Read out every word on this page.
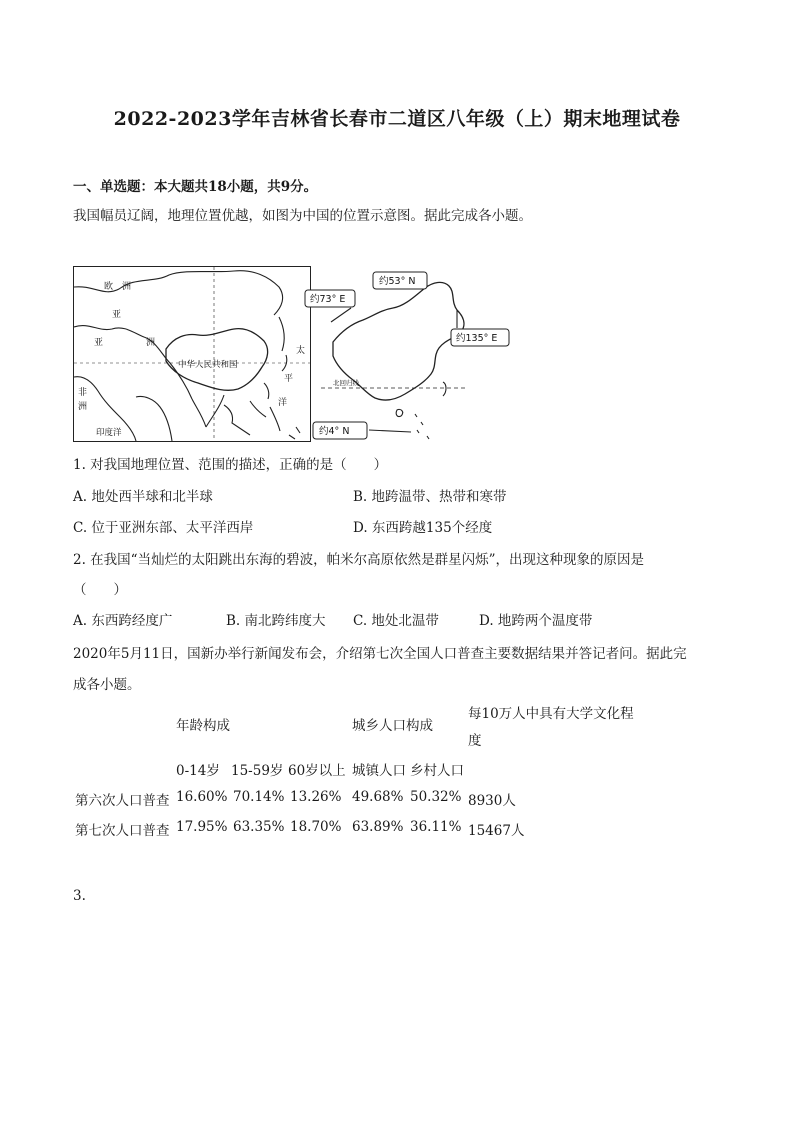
2022-2023学年吉林省长春市二道区八年级（上）期末地理试卷
一、单选题：本大题共18小题，共9分。
我国幅员辽阔，地理位置优越，如图为中国的位置示意图。据此完成各小题。
欧 洲
亚
亚	洲
中华人民共和国
非
洲
印度洋
太
平
洋
约53° N
约73° E
约135° E
约4° N
北回归线
1. 对我国地理位置、范围的描述，正确的是（　　）
A. 地处西半球和北半球	B. 地跨温带、热带和寒带
C. 位于亚洲东部、太平洋西岸	D. 东西跨越135个经度
2. 在我国“当灿烂的太阳跳出东海的碧波，帕米尔高原依然是群星闪烁”，出现这种现象的原因是
（　　）
A. 东西跨经度广	B. 南北跨纬度大 C. 地处北温带	D. 地跨两个温度带
2020年5月11日，国新办举行新闻发布会，介绍第七次全国人口普查主要数据结果并答记者问。据此完
成各小题。
年龄构成	城乡人口构成
每10万人中具有大学文化程
度
0-14岁 15-59岁 60岁以上 城镇人口 乡村人口
第六次人口普查 16.60% 70.14% 13.26% 49.68% 50.32% 8930人
第七次人口普查 17.95% 63.35% 18.70% 63.89% 36.11% 15467人
3.
